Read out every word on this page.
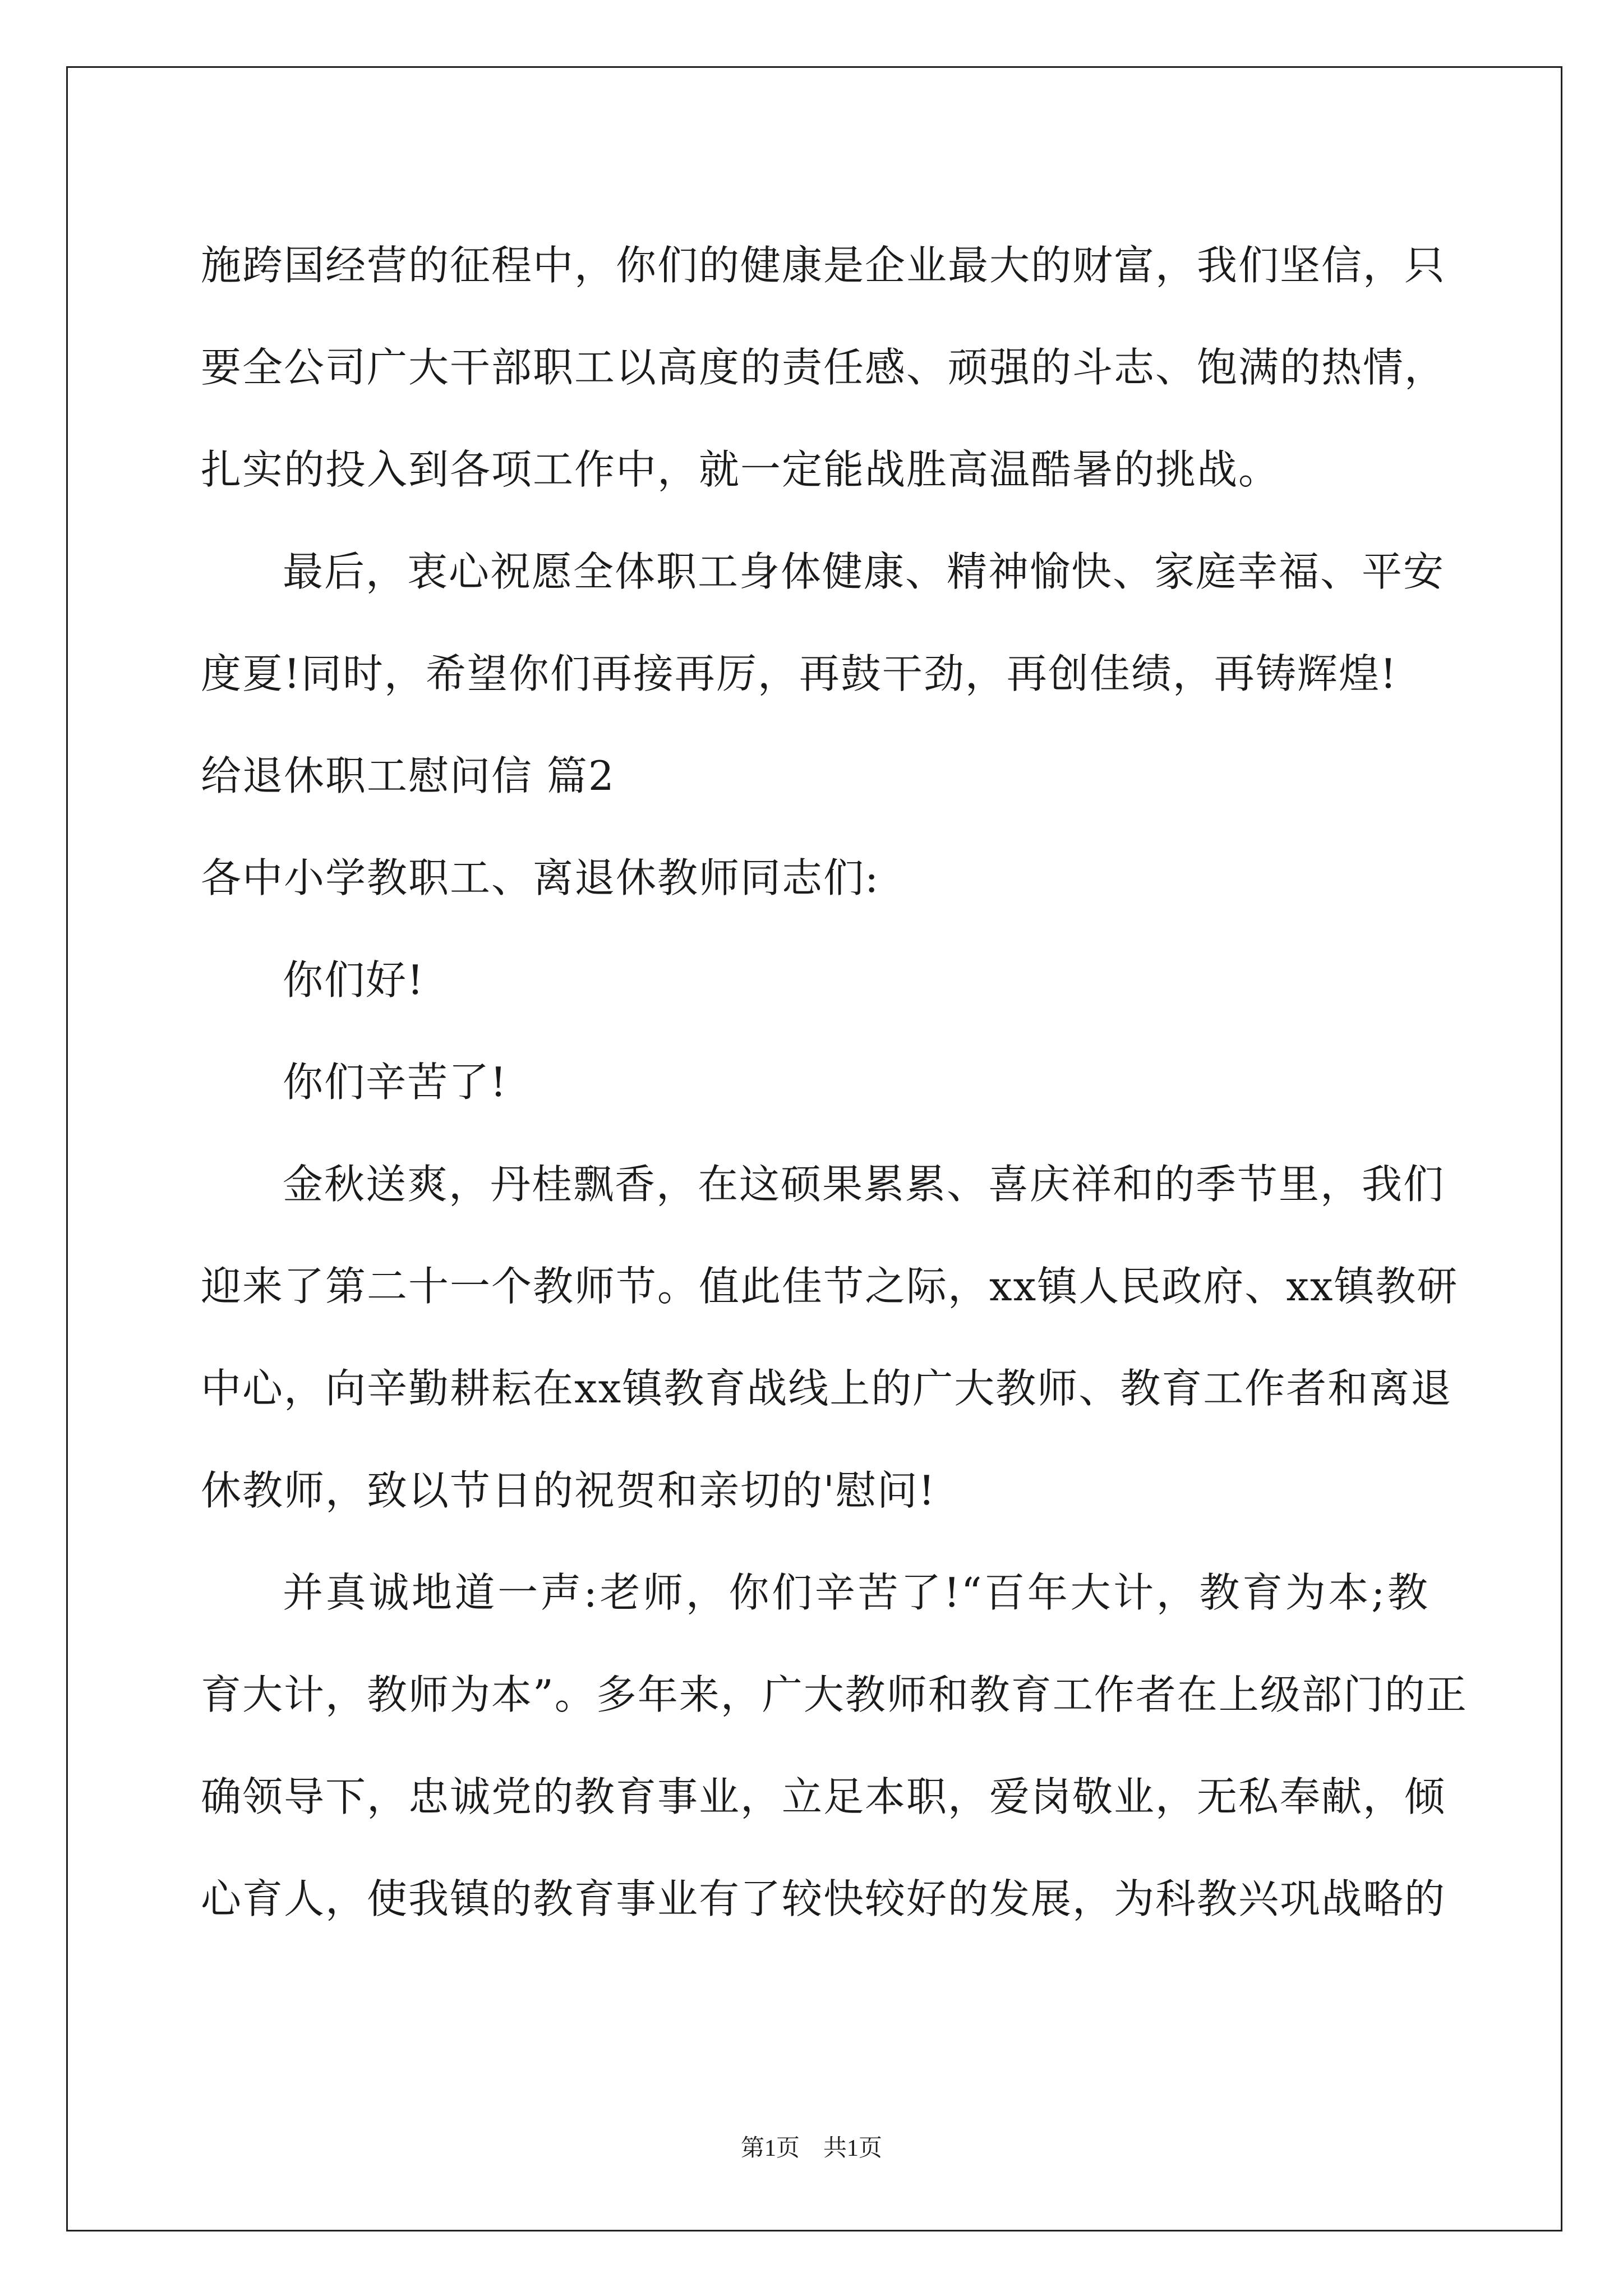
施跨国经营的征程中，你们的健康是企业最大的财富，我们坚信，只
要全公司广大干部职工以高度的责任感、顽强的斗志、饱满的热情，
扎实的投入到各项工作中，就一定能战胜高温酷暑的挑战。
最后，衷心祝愿全体职工身体健康、精神愉快、家庭幸福、平安
度夏!同时，希望你们再接再厉，再鼓干劲，再创佳绩，再铸辉煌!
给退休职工慰问信 篇2
各中小学教职工、离退休教师同志们:
你们好!
你们辛苦了!
金秋送爽，丹桂飘香，在这硕果累累、喜庆祥和的季节里，我们
迎来了第二十一个教师节。值此佳节之际，xx镇人民政府、xx镇教研
中心，向辛勤耕耘在xx镇教育战线上的广大教师、教育工作者和离退
休教师，致以节日的祝贺和亲切的'慰问!
并真诚地道一声:老师，你们辛苦了!“百年大计，教育为本;教
育大计，教师为本”。多年来，广大教师和教育工作者在上级部门的正
确领导下，忠诚党的教育事业，立足本职，爱岗敬业，无私奉献，倾
心育人，使我镇的教育事业有了较快较好的发展，为科教兴巩战略的
第1页 共1页
